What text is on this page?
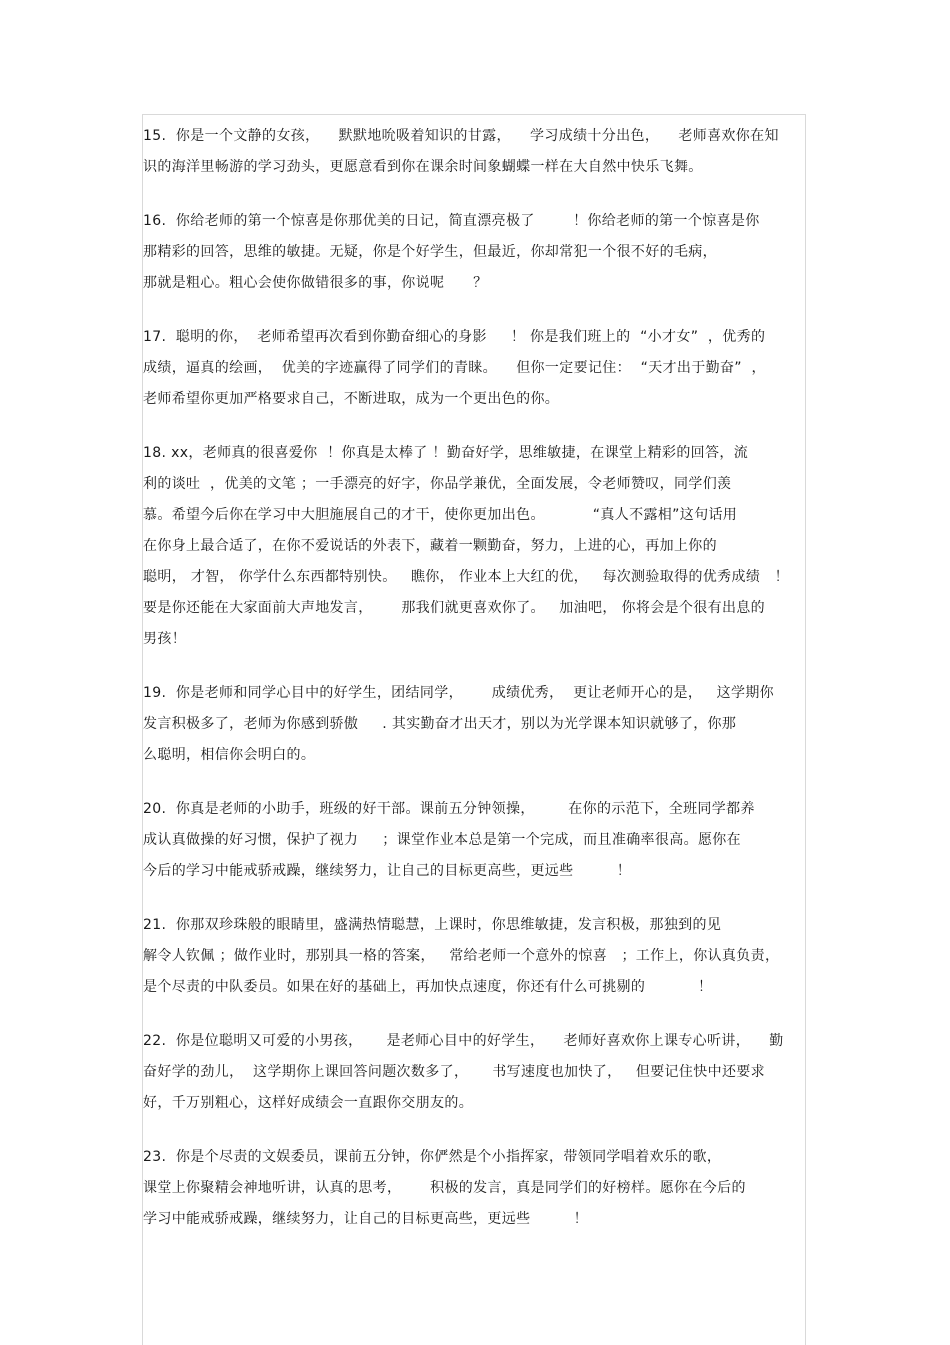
15.  你是一个文静的女孩，    默默地吮吸着知识的甘露，    学习成绩十分出色，    老师喜欢你在知
识的海洋里畅游的学习劲头，更愿意看到你在课余时间象蝴蝶一样在大自然中快乐飞舞。
16.  你给老师的第一个惊喜是你那优美的日记，简直漂亮极了        ！你给老师的第一个惊喜是你
那精彩的回答，思维的敏捷。无疑，你是个好学生，但最近，你却常犯一个很不好的毛病，
那就是粗心。粗心会使你做错很多的事，你说呢      ？
17.  聪明的你，  老师希望再次看到你勤奋细心的身影     ！ 你是我们班上的  “小才女”  ，优秀的
成绩，逼真的绘画，  优美的字迹赢得了同学们的青睐。    但你一定要记住：  “天才出于勤奋”  ，
老师希望你更加严格要求自己，不断进取，成为一个更出色的你。
18. xx，老师真的很喜爱你  ！你真是太棒了 ！勤奋好学，思维敏捷，在课堂上精彩的回答，流
利的谈吐  ，优美的文笔 ；一手漂亮的好字，你品学兼优，全面发展，令老师赞叹，同学们羡
慕。希望今后你在学习中大胆施展自己的才干，使你更加出色。          “真人不露相”这句话用
在你身上最合适了，在你不爱说话的外表下，藏着一颗勤奋，努力，上进的心，再加上你的
聪明， 才智， 你学什么东西都特别快。   瞧你， 作业本上大红的优，   每次测验取得的优秀成绩   ！
要是你还能在大家面前大声地发言，      那我们就更喜欢你了。   加油吧， 你将会是个很有出息的
男孩！
19.  你是老师和同学心目中的好学生，团结同学，      成绩优秀，  更让老师开心的是，   这学期你
发言积极多了，老师为你感到骄傲     . 其实勤奋才出天才，别以为光学课本知识就够了，你那
么聪明，相信你会明白的。
20.  你真是老师的小助手，班级的好干部。课前五分钟领操，       在你的示范下，全班同学都养
成认真做操的好习惯，保护了视力     ；课堂作业本总是第一个完成，而且准确率很高。愿你在
今后的学习中能戒骄戒躁，继续努力，让自己的目标更高些，更远些         ！
21.  你那双珍珠般的眼睛里，盛满热情聪慧，上课时，你思维敏捷，发言积极，那独到的见
解令人钦佩 ；做作业时，那别具一格的答案，   常给老师一个意外的惊喜   ；工作上，你认真负责，
是个尽责的中队委员。如果在好的基础上，再加快点速度，你还有什么可挑剔的           ！
22.  你是位聪明又可爱的小男孩，     是老师心目中的好学生，    老师好喜欢你上课专心听讲，    勤
奋好学的劲儿，  这学期你上课回答问题次数多了，     书写速度也加快了，   但要记住快中还要求
好，千万别粗心，这样好成绩会一直跟你交朋友的。
23.  你是个尽责的文娱委员，课前五分钟，你俨然是个小指挥家，带领同学唱着欢乐的歌，
课堂上你聚精会神地听讲，认真的思考，      积极的发言，真是同学们的好榜样。愿你在今后的
学习中能戒骄戒躁，继续努力，让自己的目标更高些，更远些         ！
